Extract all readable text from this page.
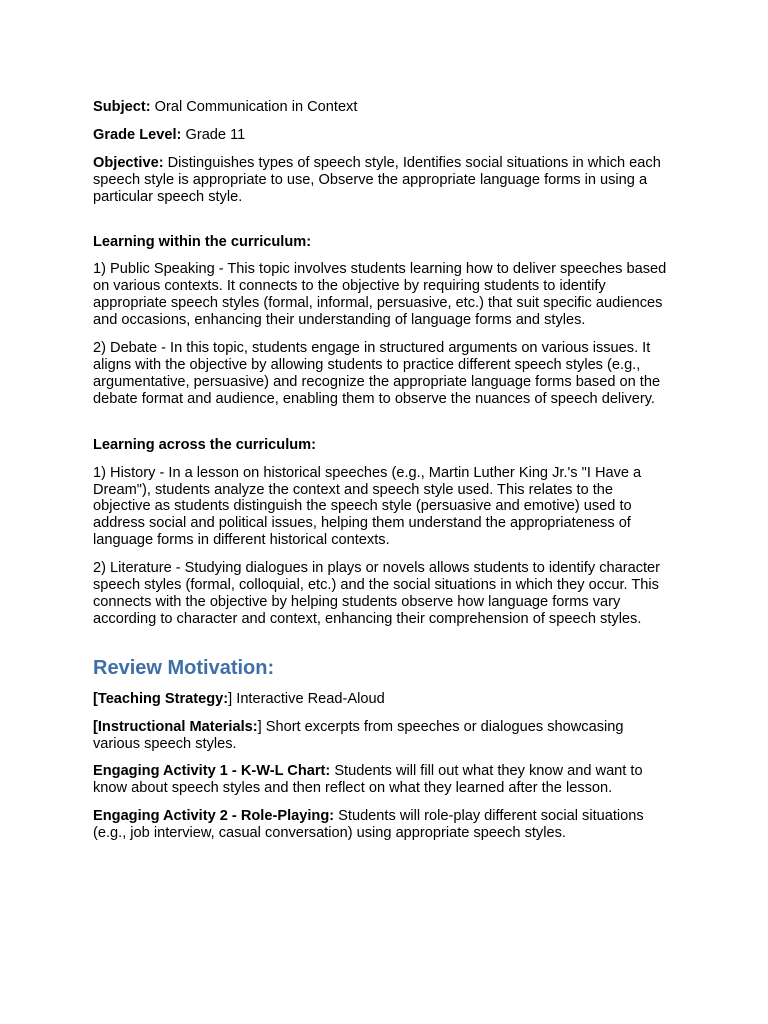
Subject: Oral Communication in Context

Grade Level: Grade 11

Objective: Distinguishes types of speech style, Identifies social situations in which each speech style is appropriate to use, Observe the appropriate language forms in using a particular speech style.

Learning within the curriculum:

1) Public Speaking - This topic involves students learning how to deliver speeches based on various contexts. It connects to the objective by requiring students to identify appropriate speech styles (formal, informal, persuasive, etc.) that suit specific audiences and occasions, enhancing their understanding of language forms and styles.

2) Debate - In this topic, students engage in structured arguments on various issues. It aligns with the objective by allowing students to practice different speech styles (e.g., argumentative, persuasive) and recognize the appropriate language forms based on the debate format and audience, enabling them to observe the nuances of speech delivery.

Learning across the curriculum:

1) History - In a lesson on historical speeches (e.g., Martin Luther King Jr.'s "I Have a Dream"), students analyze the context and speech style used. This relates to the objective as students distinguish the speech style (persuasive and emotive) used to address social and political issues, helping them understand the appropriateness of language forms in different historical contexts.

2) Literature - Studying dialogues in plays or novels allows students to identify character speech styles (formal, colloquial, etc.) and the social situations in which they occur. This connects with the objective by helping students observe how language forms vary according to character and context, enhancing their comprehension of speech styles.

Review Motivation:

[Teaching Strategy:] Interactive Read-Aloud

[Instructional Materials:] Short excerpts from speeches or dialogues showcasing various speech styles.

Engaging Activity 1 - K-W-L Chart: Students will fill out what they know and want to know about speech styles and then reflect on what they learned after the lesson.

Engaging Activity 2 - Role-Playing: Students will role-play different social situations (e.g., job interview, casual conversation) using appropriate speech styles.
